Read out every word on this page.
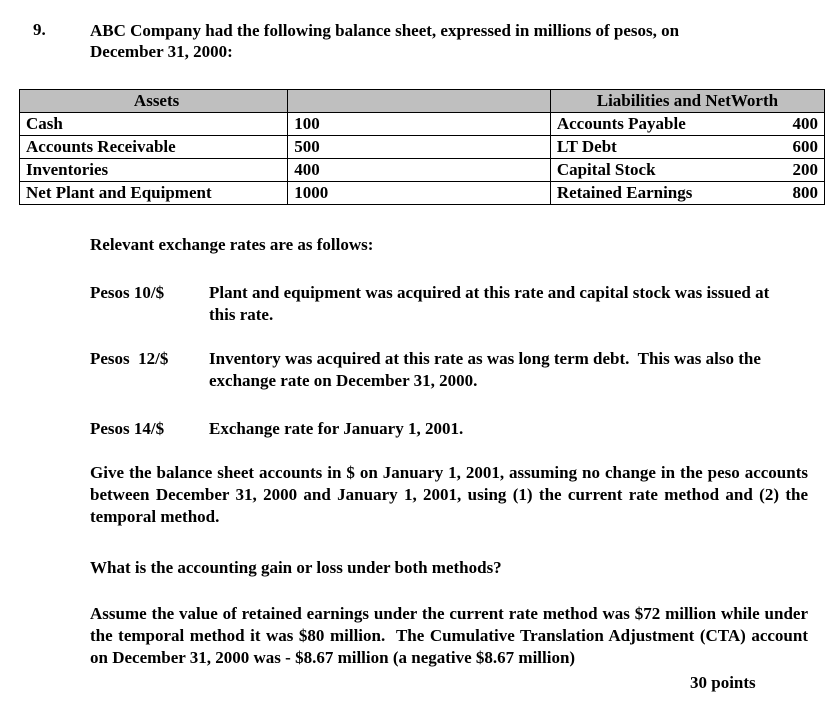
9.	ABC Company had the following balance sheet, expressed in millions of pesos, on
December 31, 2000:
Assets		Liabilities and NetWorth
Cash	100	Accounts Payable 400

Accounts Receivable	500	LT Debt 600

Inventories	400	Capital Stock 200

Net Plant and Equipment	1000	Retained Earnings 800
Relevant exchange rates are as follows:
Pesos 10/$	Plant and equipment was acquired at this rate and capital stock was issued at this rate.
Pesos  12/$ Inventory was acquired at this rate as was long term debt.  This was also the exchange rate on December 31, 2000.
Pesos 14/$	Exchange rate for January 1, 2001.
Give the balance sheet accounts in $ on January 1, 2001, assuming no change in the peso accounts between December 31, 2000 and January 1, 2001, using (1) the current rate method and (2) the temporal method.
What is the accounting gain or loss under both methods?
Assume the value of retained earnings under the current rate method was $72 million while under the temporal method it was $80 million.  The Cumulative Translation Adjustment (CTA) account on December 31, 2000 was - $8.67 million (a negative $8.67 million)
30 points
